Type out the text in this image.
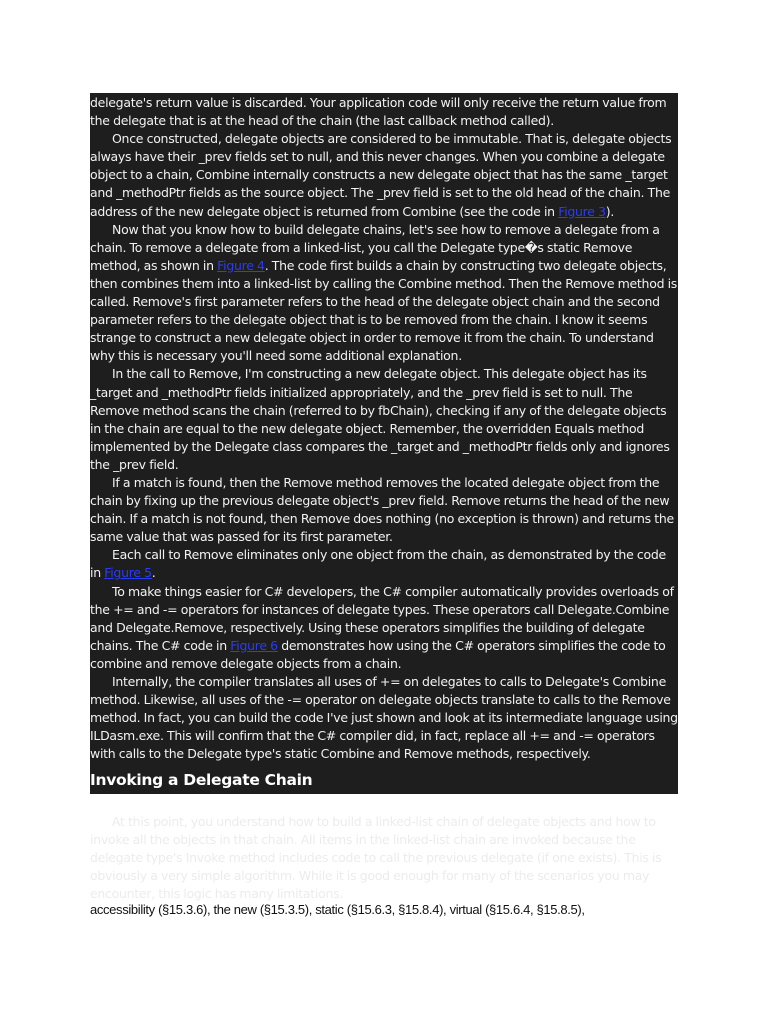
delegate's return value is discarded. Your application code will only receive the return value from the delegate that is at the head of the chain (the last callback method called).

Once constructed, delegate objects are considered to be immutable. That is, delegate objects always have their _prev fields set to null, and this never changes. When you combine a delegate object to a chain, Combine internally constructs a new delegate object that has the same _target and _methodPtr fields as the source object. The _prev field is set to the old head of the chain. The address of the new delegate object is returned from Combine (see the code in Figure 3).

Now that you know how to build delegate chains, let's see how to remove a delegate from a chain. To remove a delegate from a linked-list, you call the Delegate type�s static Remove method, as shown in Figure 4. The code first builds a chain by constructing two delegate objects, then combines them into a linked-list by calling the Combine method. Then the Remove method is called. Remove's first parameter refers to the head of the delegate object chain and the second parameter refers to the delegate object that is to be removed from the chain. I know it seems strange to construct a new delegate object in order to remove it from the chain. To understand why this is necessary you'll need some additional explanation.

In the call to Remove, I'm constructing a new delegate object. This delegate object has its _target and _methodPtr fields initialized appropriately, and the _prev field is set to null. The Remove method scans the chain (referred to by fbChain), checking if any of the delegate objects in the chain are equal to the new delegate object. Remember, the overridden Equals method implemented by the Delegate class compares the _target and _methodPtr fields only and ignores the _prev field.

If a match is found, then the Remove method removes the located delegate object from the chain by fixing up the previous delegate object's _prev field. Remove returns the head of the new chain. If a match is not found, then Remove does nothing (no exception is thrown) and returns the same value that was passed for its first parameter.

Each call to Remove eliminates only one object from the chain, as demonstrated by the code in Figure 5.

To make things easier for C# developers, the C# compiler automatically provides overloads of the += and -= operators for instances of delegate types. These operators call Delegate.Combine and Delegate.Remove, respectively. Using these operators simplifies the building of delegate chains. The C# code in Figure 6 demonstrates how using the C# operators simplifies the code to combine and remove delegate objects from a chain.

Internally, the compiler translates all uses of += on delegates to calls to Delegate's Combine method. Likewise, all uses of the -= operator on delegate objects translate to calls to the Remove method. In fact, you can build the code I've just shown and look at its intermediate language using ILDasm.exe. This will confirm that the C# compiler did, in fact, replace all += and -= operators with calls to the Delegate type's static Combine and Remove methods, respectively.

Invoking a Delegate Chain

At this point, you understand how to build a linked-list chain of delegate objects and how to invoke all the objects in that chain. All items in the linked-list chain are invoked because the delegate type's Invoke method includes code to call the previous delegate (if one exists). This is obviously a very simple algorithm. While it is good enough for many of the scenarios you may encounter, this logic has many limitations.

accessibility (§15.3.6), the new (§15.3.5), static (§15.6.3, §15.8.4), virtual (§15.6.4, §15.8.5),
